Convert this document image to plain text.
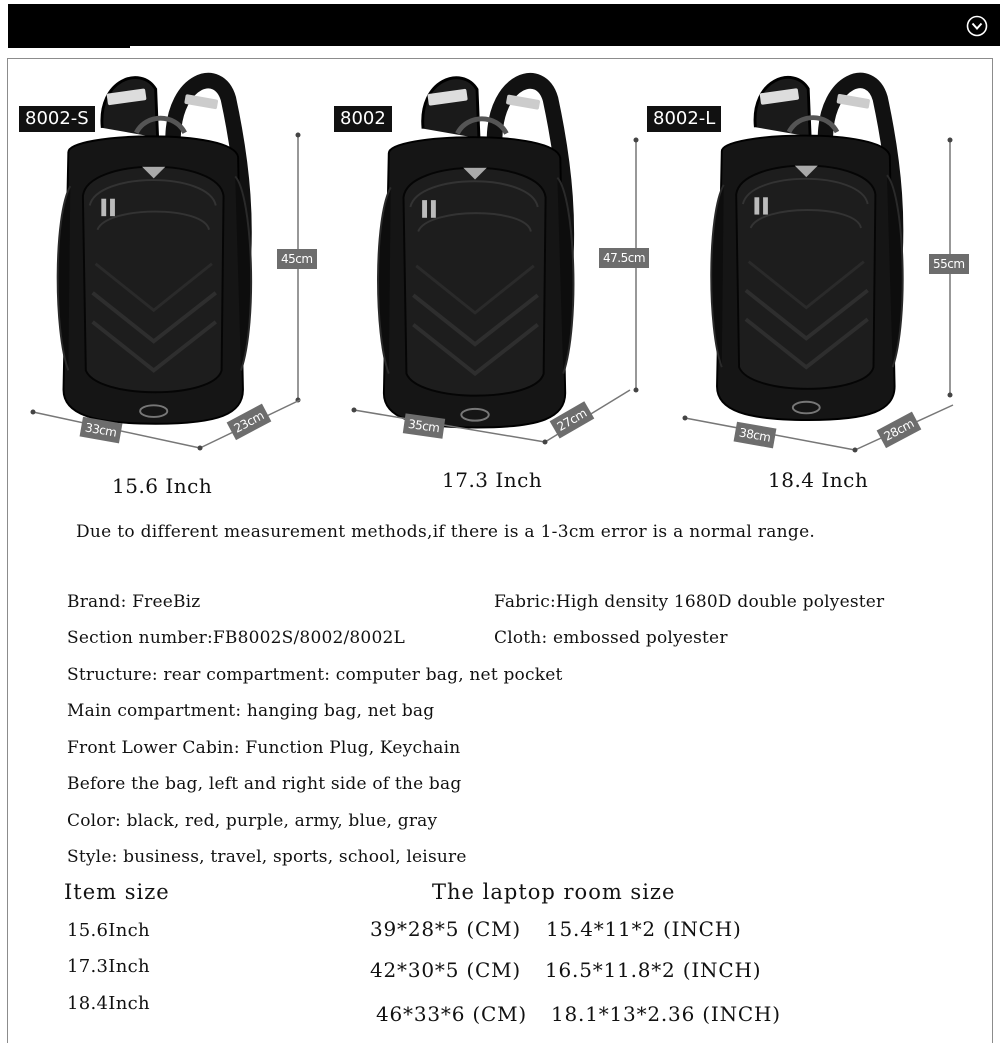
8002-S
45cm
33cm	23cm
8002
47.5cm
35cm	27cm
8002-L
55cm
38cm	28cm
15.6 Inch	17.3 Inch	18.4 Inch
Due to different measurement methods,if there is a 1-3cm error is a normal range.
Brand: FreeBiz	Fabric:High density 1680D double polyester
Section number:FB8002S/8002/8002L	Cloth: embossed polyester
Structure: rear compartment: computer bag, net pocket
Main compartment: hanging bag, net bag
Front Lower Cabin: Function Plug, Keychain
Before the bag, left and right side of the bag
Color: black, red, purple, army, blue, gray
Style: business, travel, sports, school, leisure
Item size	The laptop room size
15.6Inch	39*28*5 (CM) 15.4*11*2 (INCH)
17.3Inch	42*30*5 (CM) 16.5*11.8*2 (INCH)
18.4Inch	46*33*6 (CM) 18.1*13*2.36 (INCH)
